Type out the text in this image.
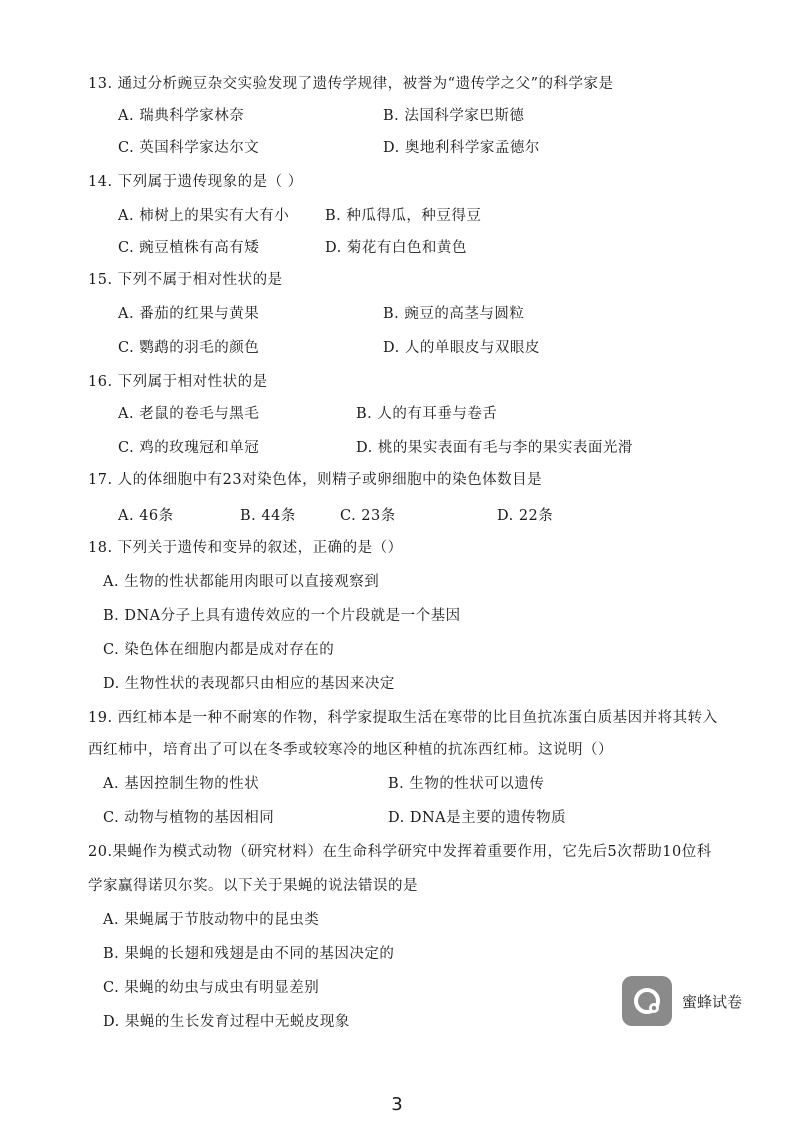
13. 通过分析豌豆杂交实验发现了遗传学规律，被誉为“遗传学之父”的科学家是
A. 瑞典科学家林奈	B. 法国科学家巴斯德
C. 英国科学家达尔文	D. 奥地利科学家孟德尔
14. 下列属于遗传现象的是（ ）
A. 柿树上的果实有大有小 B. 种瓜得瓜，种豆得豆
C. 豌豆植株有高有矮	D. 菊花有白色和黄色
15. 下列不属于相对性状的是
A. 番茄的红果与黄果	B. 豌豆的高茎与圆粒
C. 鹦鹉的羽毛的颜色	D. 人的单眼皮与双眼皮
16. 下列属于相对性状的是
A. 老鼠的卷毛与黑毛	B. 人的有耳垂与卷舌
C. 鸡的玫瑰冠和单冠	D. 桃的果实表面有毛与李的果实表面光滑
17. 人的体细胞中有23对染色体，则精子或卵细胞中的染色体数目是
A. 46条	B. 44条	C. 23条	D. 22条
18. 下列关于遗传和变异的叙述，正确的是（）
A. 生物的性状都能用肉眼可以直接观察到
B. DNA分子上具有遗传效应的一个片段就是一个基因
C. 染色体在细胞内都是成对存在的
D. 生物性状的表现都只由相应的基因来决定
19. 西红柿本是一种不耐寒的作物，科学家提取生活在寒带的比目鱼抗冻蛋白质基因并将其转入
西红柿中，培育出了可以在冬季或较寒冷的地区种植的抗冻西红柿。这说明（）
A. 基因控制生物的性状	B. 生物的性状可以遗传
C. 动物与植物的基因相同	D. DNA是主要的遗传物质
20.果蝇作为模式动物（研究材料）在生命科学研究中发挥着重要作用，它先后5次帮助10位科
学家赢得诺贝尔奖。以下关于果蝇的说法错误的是
A. 果蝇属于节肢动物中的昆虫类
B. 果蝇的长翅和残翅是由不同的基因决定的
C. 果蝇的幼虫与成虫有明显差别
D. 果蝇的生长发育过程中无蜕皮现象
蜜蜂试卷
3
